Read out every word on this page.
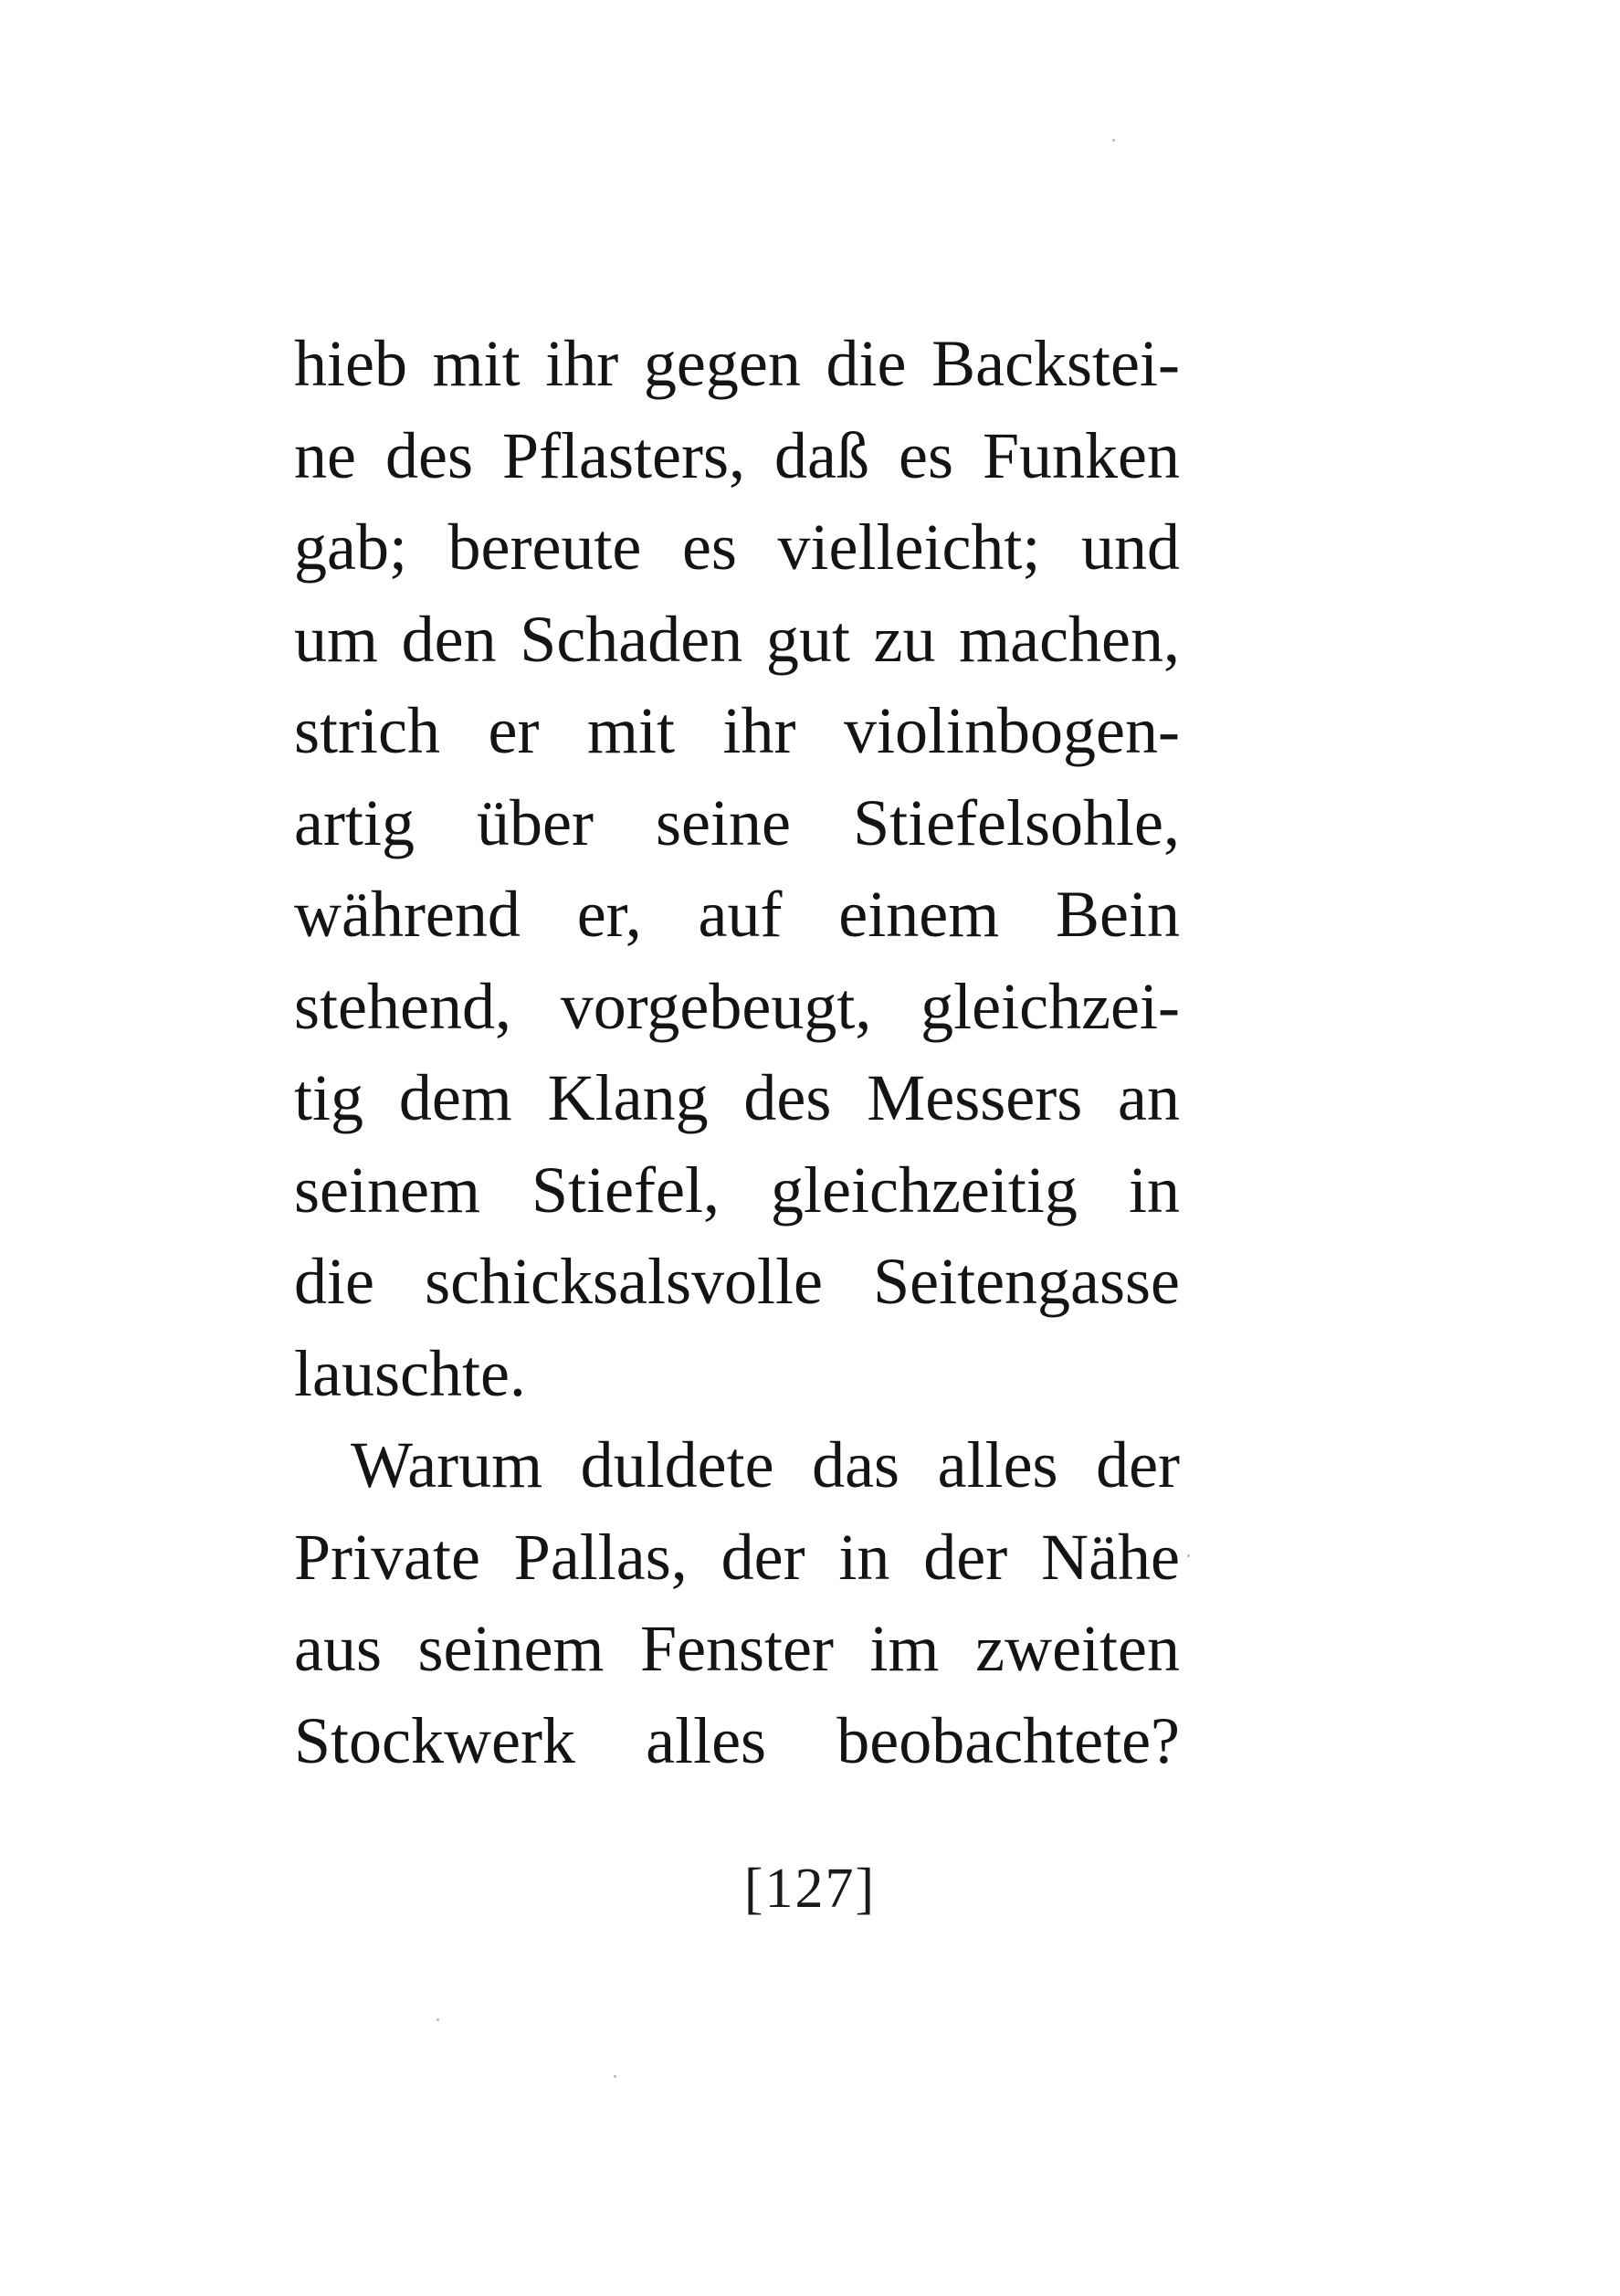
hieb mit ihr gegen die Backstei-
ne des Pflasters, daß es Funken
gab; bereute es vielleicht; und
um den Schaden gut zu machen,
strich er mit ihr violinbogen-
artig über seine Stiefelsohle,
während er, auf einem Bein
stehend, vorgebeugt, gleichzei-
tig dem Klang des Messers an
seinem Stiefel, gleichzeitig in
die schicksalsvolle Seitengasse
lauschte.
Warum duldete das alles der
Private Pallas, der in der Nähe
aus seinem Fenster im zweiten
Stockwerk alles beobachtete?
[127]
